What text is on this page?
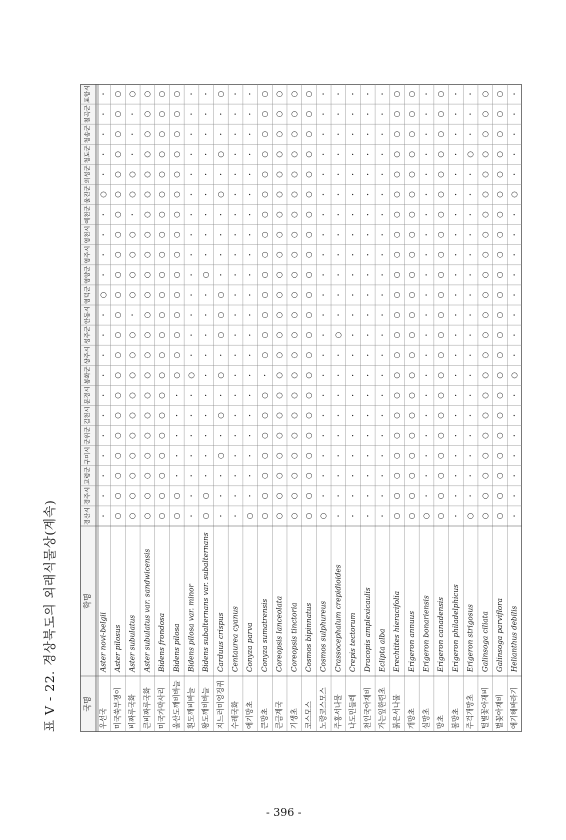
표 V - 22. 경상북도의 외래식물상(계속)	국명
학명
경산시
경주시
고령군
구미시
군위군
김천시
문경시
봉화군
상주시
성주군
안동시
영덕군
영양군
영주시
영천시
예천군
울진군
의성군
청도군
청송군
칠곡군
포항시
우선국
Aster novi-belgii
・
・
・
・
・
・
・
・
・
・
・
○
・
・
・
・
○
・
・
・
・
・
미국쑥부쟁이
Aster pilosus
○
○
○
○
○
○
○
○
○
○
○
○
○
○
○
○
○
○
○
○
○
○
비짜루국화
Aster subulatus
○
○
○
○
○
○
○
○
○
○
・
○
○
○
○
・
○
○
・
・
・
○
큰비짜루국화
Aster subulatus var. sandwicensis
○
○
○
○
○
○
○
○
○
○
○
○
○
○
○
○
○
○
○
○
○
○
미국가막사리
Bidens frondosa
○
○
○
○
○
○
○
○
○
○
○
○
○
○
○
○
○
○
○
○
○
○
울산도깨비바늘
Bidens pilosa
○
○
・
・
・
・
・
○
○
○
○
○
○
○
○
○
○
○
○
○
○
○
흰도깨비바늘
Bidens pilosa var. minor
・
・
・
・
・
・
・
○
・
・
・
・
・
・
・
・
・
・
・
・
・
・
왕도깨비바늘
Bidens subalternans var. subalternans
○
○
・
・
・
・
・
・
・
・
・
・
○
・
・
・
・
・
・
・
・
・
지느러미엉겅퀴
Carduus crispus
・
・
・
○
・
○
・
○
・
○
○
○
・
・
・
・
○
・
○
・
・
○
수레국화
Centaurea cyanus
・
・
・
・
・
・
・
・
・
・
・
・
・
・
・
・
・
・
・
・
・
・
애기망초
Conyza parva
○
・
・
・
・
・
・
・
・
・
・
・
・
・
・
・
・
・
・
・
・
・
큰망초
Conyza sumatrensis
○
○
○
○
○
○
○
・
○
○
○
○
○
○
○
○
○
○
○
○
○
○
큰금계국
Coreopsis lanceolata
○
○
○
○
○
○
○
○
○
○
○
○
○
○
○
○
○
○
○
○
○
○
기생초
Coreopsis tinctoria
○
○
○
○
○
○
○
○
○
○
○
○
○
○
○
○
○
○
○
○
○
○
코스모스
Cosmos bipinnatus
○
○
○
○
○
○
○
○
○
○
○
○
○
○
○
○
○
○
○
○
○
○
노랑코스모스
Cosmos sulphureus
○
・
・
・
・
・
・
・
・
・
・
・
・
・
・
・
・
・
・
・
・
・
주홍서나물
Crassocephalum crepidioides
・
・
・
・
・
・
・
・
・
○
・
・
・
・
・
・
・
・
・
・
・
・
나도민들레
Crepis tectorum
・
・
・
・
・
・
・
・
・
・
・
・
・
・
・
・
・
・
・
・
・
・
천인국아재비
Dracopis amplexicaulis
・
・
・
・
・
・
・
・
・
・
・
・
・
・
・
・
・
・
・
・
・
・
가는잎한련초
Eclipta alba
・
・
・
・
・
・
・
・
・
・
・
・
・
・
・
・
・
・
・
・
・
・
붉은서나물
Erechtites hieracifolia
○
○
○
○
○
○
○
○
○
○
○
○
○
○
○
○
○
○
○
○
○
○
개망초
Erigeron annuus
○
○
○
○
○
○
○
○
○
○
○
○
○
○
○
○
○
○
○
○
○
○
실망초
Erigeron bonariensis
○
・
・
・
・
・
・
・
・
・
・
・
・
・
・
・
・
・
・
・
・
・
망초
Erigeron canadensis
○
○
○
○
○
○
○
○
○
○
○
○
○
○
○
○
○
○
○
○
○
○
봄망초
Erigeron philadelphicus
・
・
・
・
・
・
・
・
・
・
・
・
・
・
・
・
・
・
・
・
・
・
주걱개망초
Erigeron strigosus
○
・
・
・
・
・
・
・
・
・
・
・
・
・
・
・
・
・
○
・
・
・
털별꽃아재비
Galinsoga ciliata
○
○
○
○
○
○
○
○
○
○
○
○
○
○
○
○
○
○
○
○
○
○
별꽃아재비
Galinsoga parviflora
○
○
○
○
○
○
○
○
○
○
○
○
○
○
○
○
○
○
○
○
○
○
애기해바라기
Helianthus debilis
・
・
・
・
・
・
・
○
・
・
・
・
・
・
・
・
○
・
・
・
・
・
- 396 -
